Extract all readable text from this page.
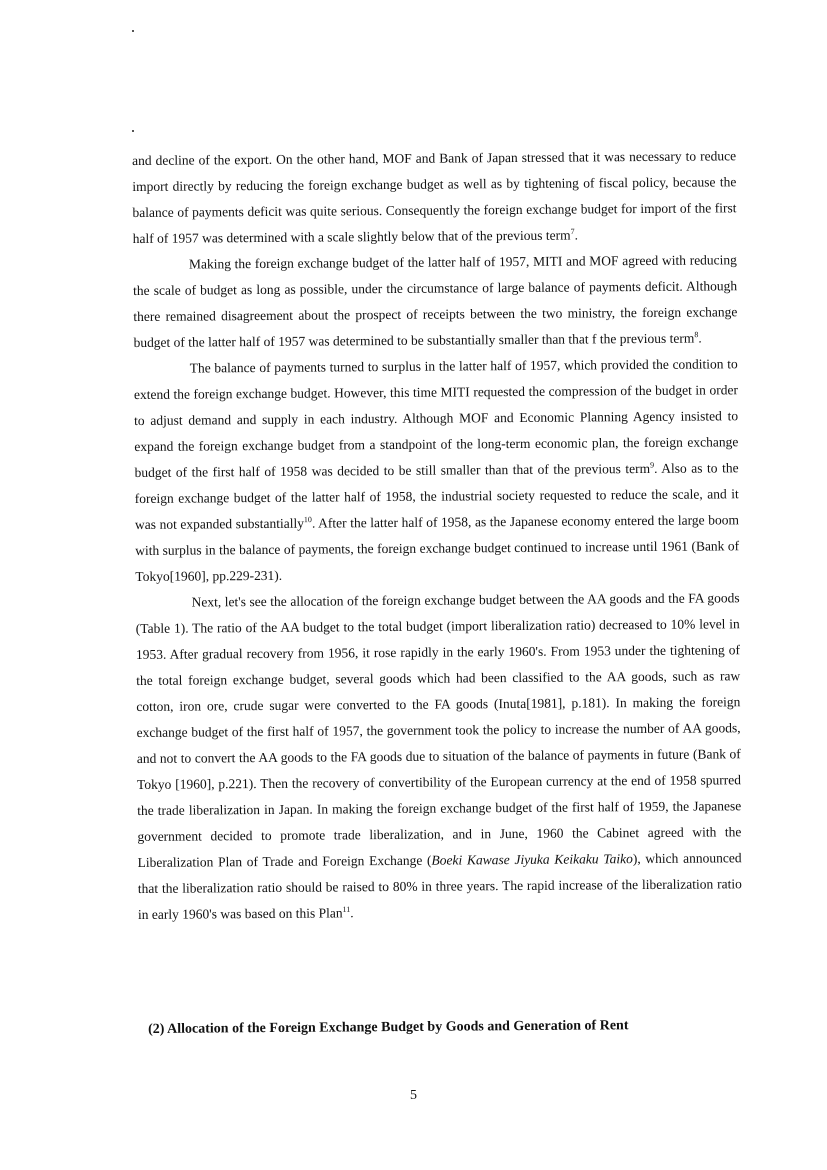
and decline of the export. On the other hand, MOF and Bank of Japan stressed that it was necessary to reduce import directly by reducing the foreign exchange budget as well as by tightening of fiscal policy, because the balance of payments deficit was quite serious. Consequently the foreign exchange budget for import of the first half of 1957 was determined with a scale slightly below that of the previous term$^7$.

Making the foreign exchange budget of the latter half of 1957, MITI and MOF agreed with reducing the scale of budget as long as possible, under the circumstance of large balance of payments deficit. Although there remained disagreement about the prospect of receipts between the two ministry, the foreign exchange budget of the latter half of 1957 was determined to be substantially smaller than that f the previous term$^8$.

The balance of payments turned to surplus in the latter half of 1957, which provided the condition to extend the foreign exchange budget. However, this time MITI requested the compression of the budget in order to adjust demand and supply in each industry. Although MOF and Economic Planning Agency insisted to expand the foreign exchange budget from a standpoint of the long-term economic plan, the foreign exchange budget of the first half of 1958 was decided to be still smaller than that of the previous term$^9$. Also as to the foreign exchange budget of the latter half of 1958, the industrial society requested to reduce the scale, and it was not expanded substantially$^{10}$. After the latter half of 1958, as the Japanese economy entered the large boom with surplus in the balance of payments, the foreign exchange budget continued to increase until 1961 (Bank of Tokyo[1960], pp.229-231).

Next, let's see the allocation of the foreign exchange budget between the AA goods and the FA goods (Table 1). The ratio of the AA budget to the total budget (import liberalization ratio) decreased to 10% level in 1953. After gradual recovery from 1956, it rose rapidly in the early 1960's. From 1953 under the tightening of the total foreign exchange budget, several goods which had been classified to the AA goods, such as raw cotton, iron ore, crude sugar were converted to the FA goods (Inuta[1981], p.181). In making the foreign exchange budget of the first half of 1957, the government took the policy to increase the number of AA goods, and not to convert the AA goods to the FA goods due to situation of the balance of payments in future (Bank of Tokyo [1960], p.221). Then the recovery of convertibility of the European currency at the end of 1958 spurred the trade liberalization in Japan. In making the foreign exchange budget of the first half of 1959, the Japanese government decided to promote trade liberalization, and in June, 1960 the Cabinet agreed with the Liberalization Plan of Trade and Foreign Exchange (Boeki Kawase Jiyuka Keikaku Taiko), which announced that the liberalization ratio should be raised to 80% in three years. The rapid increase of the liberalization ratio in early 1960's was based on this Plan$^{11}$.

(2) Allocation of the Foreign Exchange Budget by Goods and Generation of Rent
5
